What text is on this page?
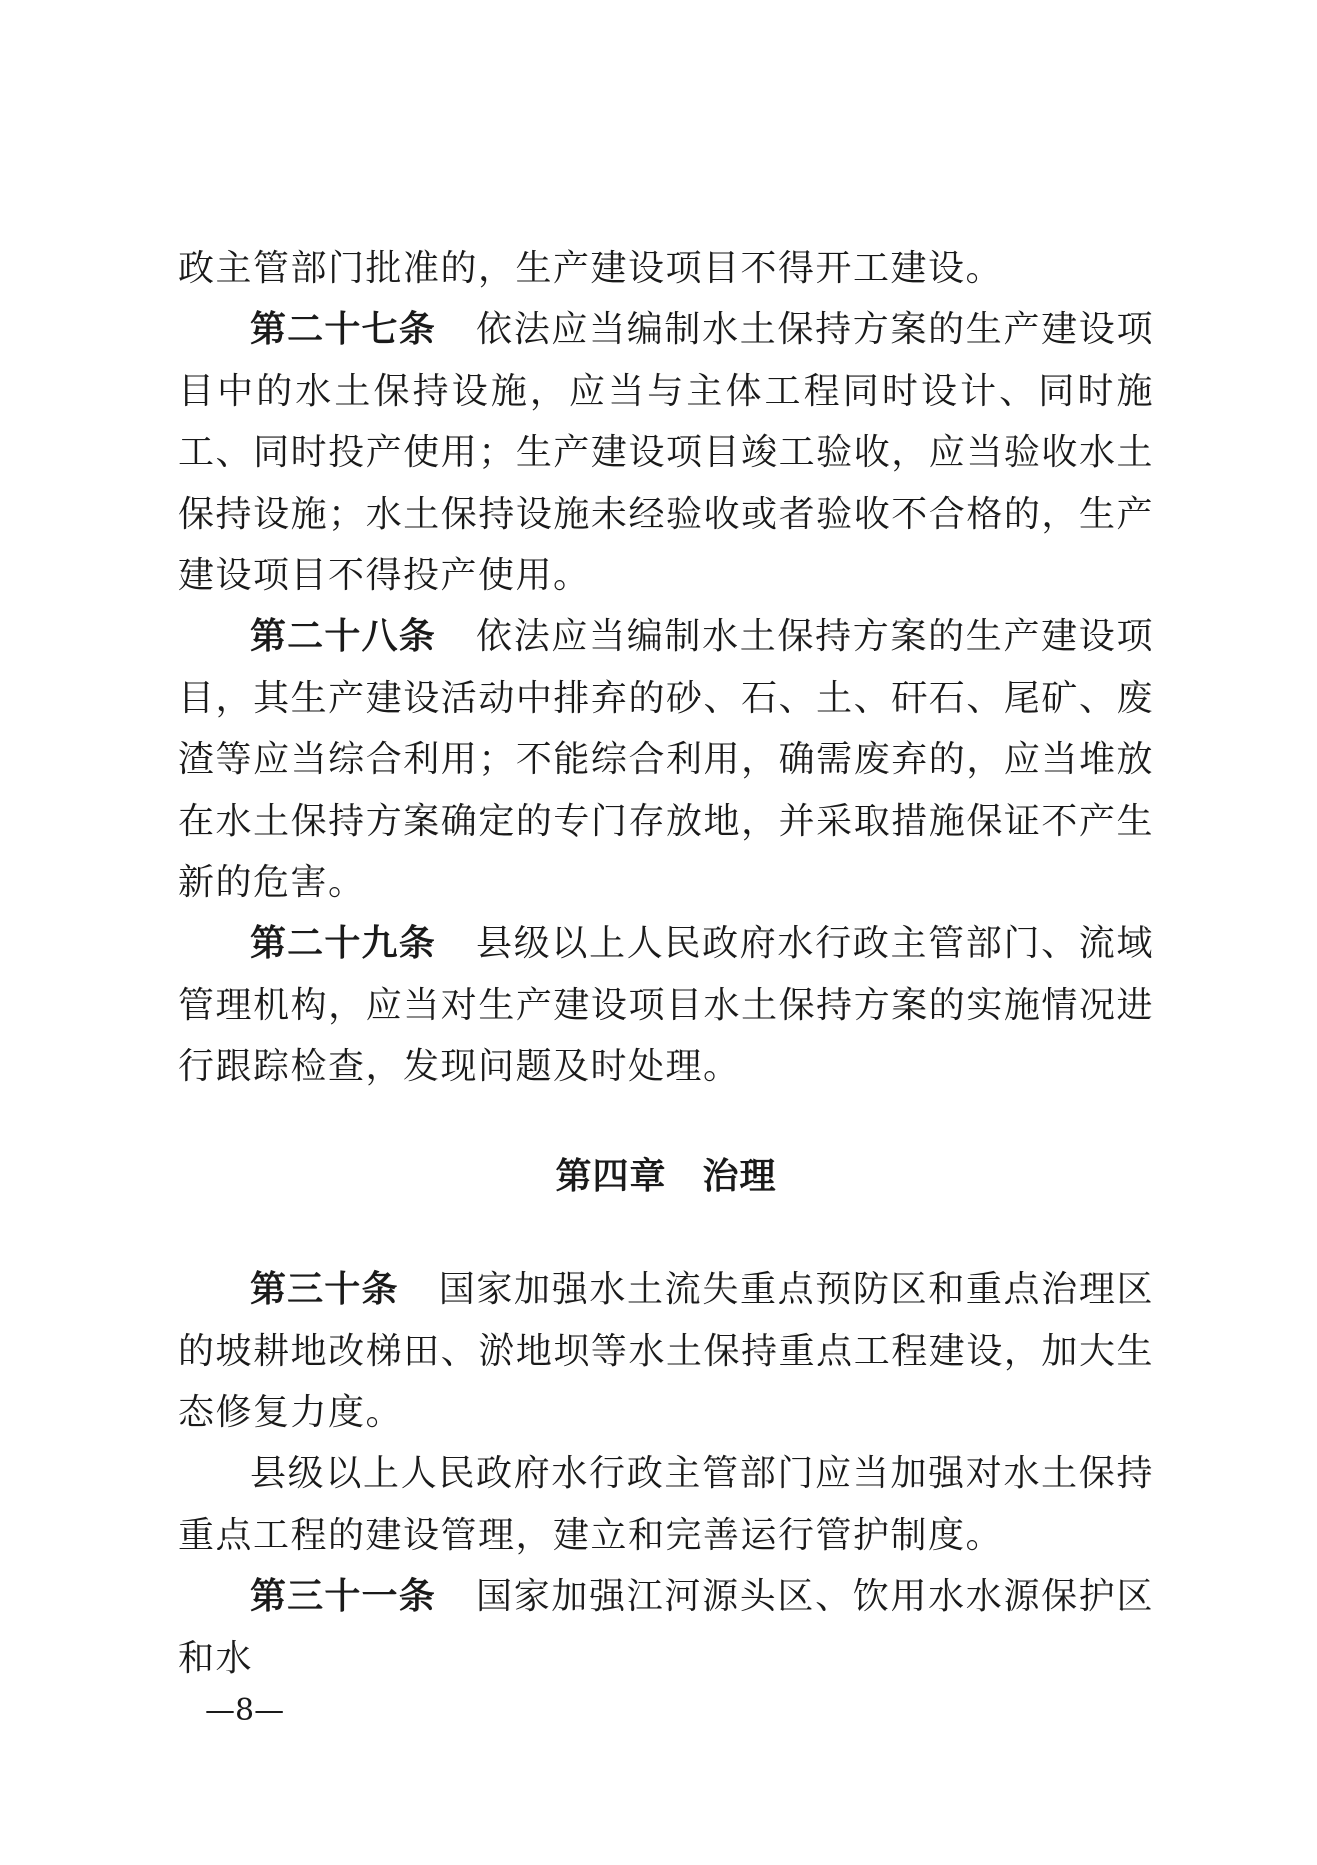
政主管部门批准的，生产建设项目不得开工建设。

第二十七条 依法应当编制水土保持方案的生产建设项目中的水土保持设施，应当与主体工程同时设计、同时施工、同时投产使用；生产建设项目竣工验收，应当验收水土保持设施；水土保持设施未经验收或者验收不合格的，生产建设项目不得投产使用。

第二十八条 依法应当编制水土保持方案的生产建设项目，其生产建设活动中排弃的砂、石、土、矸石、尾矿、废渣等应当综合利用；不能综合利用，确需废弃的，应当堆放在水土保持方案确定的专门存放地，并采取措施保证不产生新的危害。

第二十九条 县级以上人民政府水行政主管部门、流域管理机构，应当对生产建设项目水土保持方案的实施情况进行跟踪检查，发现问题及时处理。

第四章 治理

第三十条 国家加强水土流失重点预防区和重点治理区的坡耕地改梯田、淤地坝等水土保持重点工程建设，加大生态修复力度。

县级以上人民政府水行政主管部门应当加强对水土保持重点工程的建设管理，建立和完善运行管护制度。

第三十一条 国家加强江河源头区、饮用水水源保护区和水

—8—
